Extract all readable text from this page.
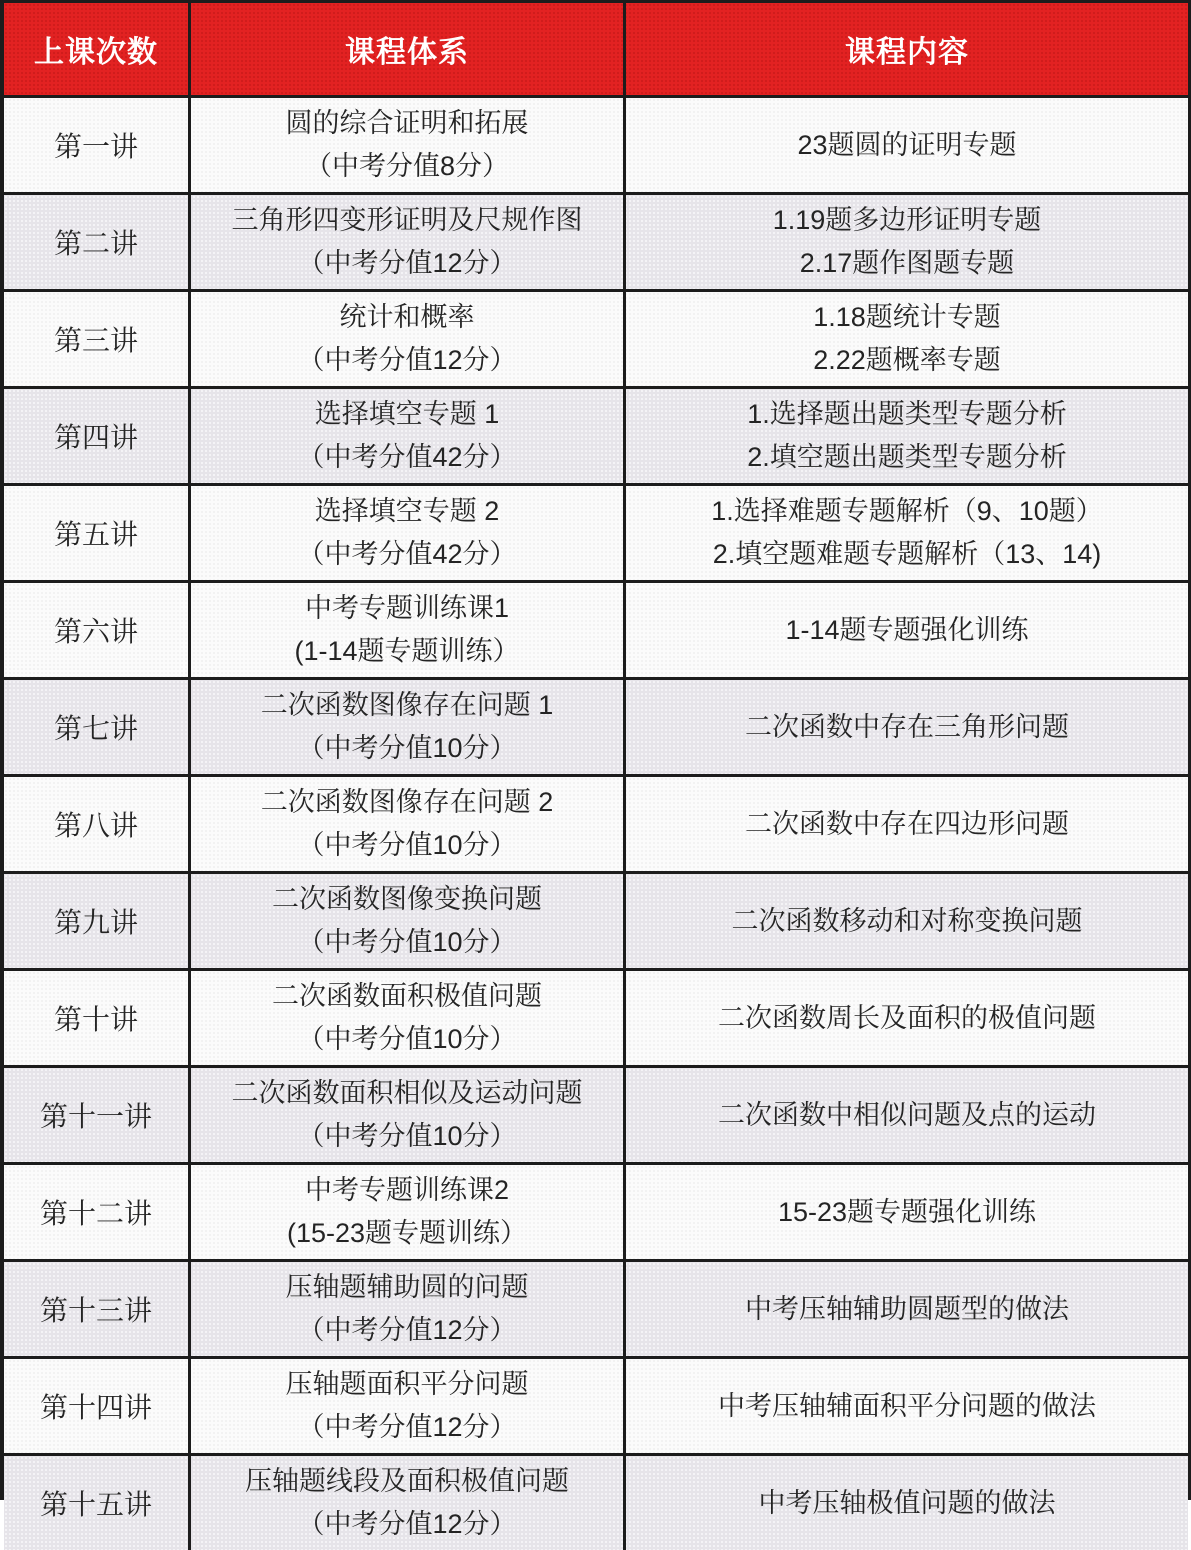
上课次数	课程体系	课程内容
第一讲
圆的综合证明和拓展
（中考分值8分）
23题圆的证明专题
第二讲
三角形四变形证明及尺规作图
（中考分值12分）
1.19题多边形证明专题
2.17题作图题专题
第三讲
统计和概率
（中考分值12分）
1.18题统计专题
2.22题概率专题
第四讲
选择填空专题 1
（中考分值42分）
1.选择题出题类型专题分析
2.填空题出题类型专题分析
第五讲
选择填空专题 2
（中考分值42分）
1.选择难题专题解析（9、10题）
2.填空题难题专题解析（13、14)
第六讲
中考专题训练课1
(1-14题专题训练）
1-14题专题强化训练
第七讲
二次函数图像存在问题 1
（中考分值10分）
二次函数中存在三角形问题
第八讲
二次函数图像存在问题 2
（中考分值10分）
二次函数中存在四边形问题
第九讲
二次函数图像变换问题
（中考分值10分）
二次函数移动和对称变换问题
第十讲
二次函数面积极值问题
（中考分值10分）
二次函数周长及面积的极值问题
第十一讲
二次函数面积相似及运动问题
（中考分值10分）
二次函数中相似问题及点的运动
第十二讲
中考专题训练课2
(15-23题专题训练）
15-23题专题强化训练
第十三讲
压轴题辅助圆的问题
（中考分值12分）
中考压轴辅助圆题型的做法
第十四讲
压轴题面积平分问题
（中考分值12分）
中考压轴辅面积平分问题的做法
第十五讲
压轴题线段及面积极值问题
（中考分值12分）
中考压轴极值问题的做法
